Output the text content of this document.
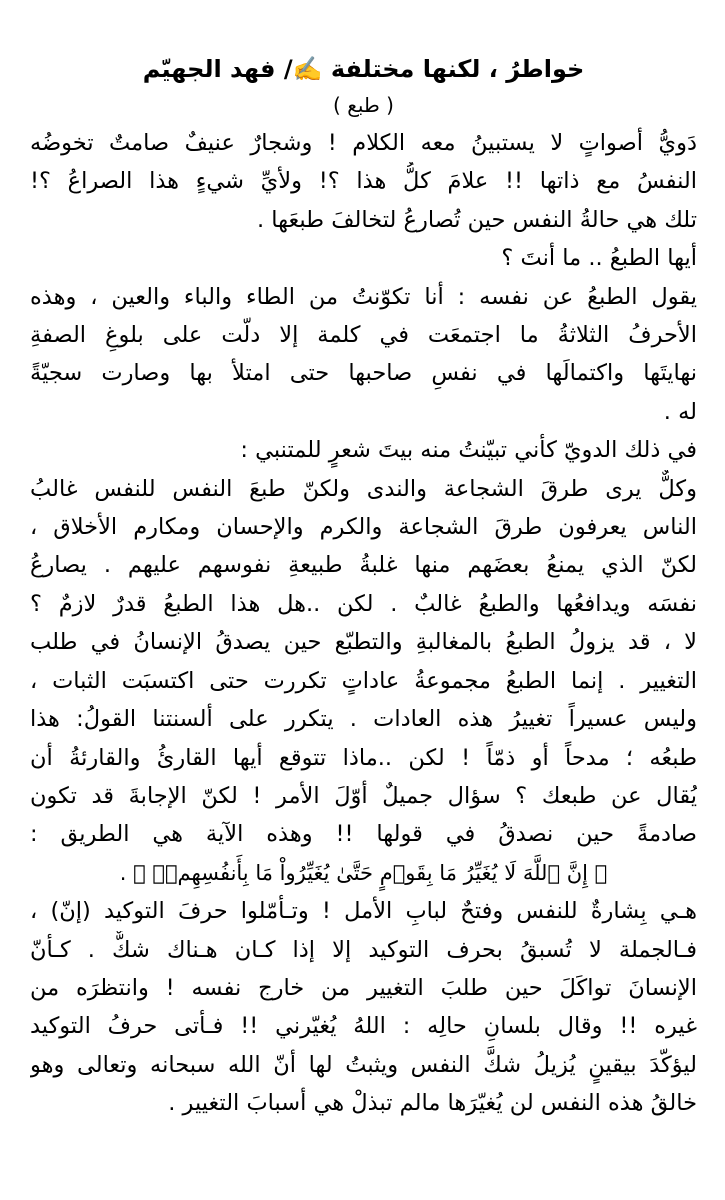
خواطرُ ، لكنها مختلفة ✍️/ فهد الجهيّم
( طبع )
دَويُّ أصواتٍ لا يستبينُ معه الكلام ! وشجارٌ عنيفٌ صامتٌ تخوضُه
النفسُ مع ذاتها !! علامَ كلُّ هذا ؟! ولأيِّ شيءٍ هذا الصراعُ ؟!
تلك هي حالةُ النفس حين تُصارعُ لتخالفَ طبعَها .
أيها الطبعُ .. ما أنتَ ؟
يقول الطبعُ عن نفسه : أنا تكوّنتُ من الطاء والباء والعين ، وهذه
الأحرفُ الثلاثةُ ما اجتمعَت في كلمة إلا دلّت على بلوغِ الصفةِ
نهايتَها واكتمالَها في نفسِ صاحبها حتى امتلأ بها وصارت سجيّةً
له .
في ذلك الدويّ كأني تبيّنتُ منه بيتَ شعرٍ للمتنبي :
وكلٌّ يرى طرقَ الشجاعة والندى ولكنّ طبعَ النفس للنفس غالبُ
الناس يعرفون طرقَ الشجاعة والكرم والإحسان ومكارم الأخلاق ،
لكنّ الذي يمنعُ بعضَهم منها غلبةُ طبيعةِ نفوسهم عليهم . يصارعُ
نفسَه ويدافعُها والطبعُ غالبٌ . لكن ..هل هذا الطبعُ قدرٌ لازمٌ ؟
لا ، قد يزولُ الطبعُ بالمغالبةِ والتطبّع حين يصدقُ الإنسانُ في طلب
التغيير . إنما الطبعُ مجموعةُ عاداتٍ تكررت حتى اكتسبَت الثبات ،
وليس عسيراً تغييرُ هذه العادات . يتكرر على ألسنتنا القولُ: هذا
طبعُه ؛ مدحاً أو ذمّاً ! لكن ..ماذا تتوقع أيها القارئُ والقارئةُ أن
يُقال عن طبعك ؟ سؤال جميلٌ أوّلَ الأمر ! لكنّ الإجابةَ قد تكون
صادمةً حين نصدقُ في قولها !! وهذه الآية هي الطريق :
﴿ إِنَّ ٱللَّهَ لَا يُغَيِّرُ مَا بِقَوۡمٍ حَتَّىٰ يُغَيِّرُواْ مَا بِأَنفُسِهِمۡۗ ﴾ .
هـي بِشارةٌ للنفس وفتحٌ لبابِ الأمل ! وتـأمّلوا حرفَ التوكيد (إنّ) ،
فـالجملة لا تُسبقُ بحرف التوكيد إلا إذا كـان هـناك شكٌّ . كـأنّ
الإنسانَ تواكَلَ حين طلبَ التغيير من خارج نفسه ! وانتظرَه من
غيره !! وقال بلسانِ حالِه : اللهُ يُغيّرني !! فـأتى حرفُ التوكيد
ليؤكّدَ بيقينٍ يُزيلُ شكَّ النفس ويثبتُ لها أنّ الله سبحانه وتعالى وهو
خالقُ هذه النفس لن يُغيّرَها مالم تبذلْ هي أسبابَ التغيير .
